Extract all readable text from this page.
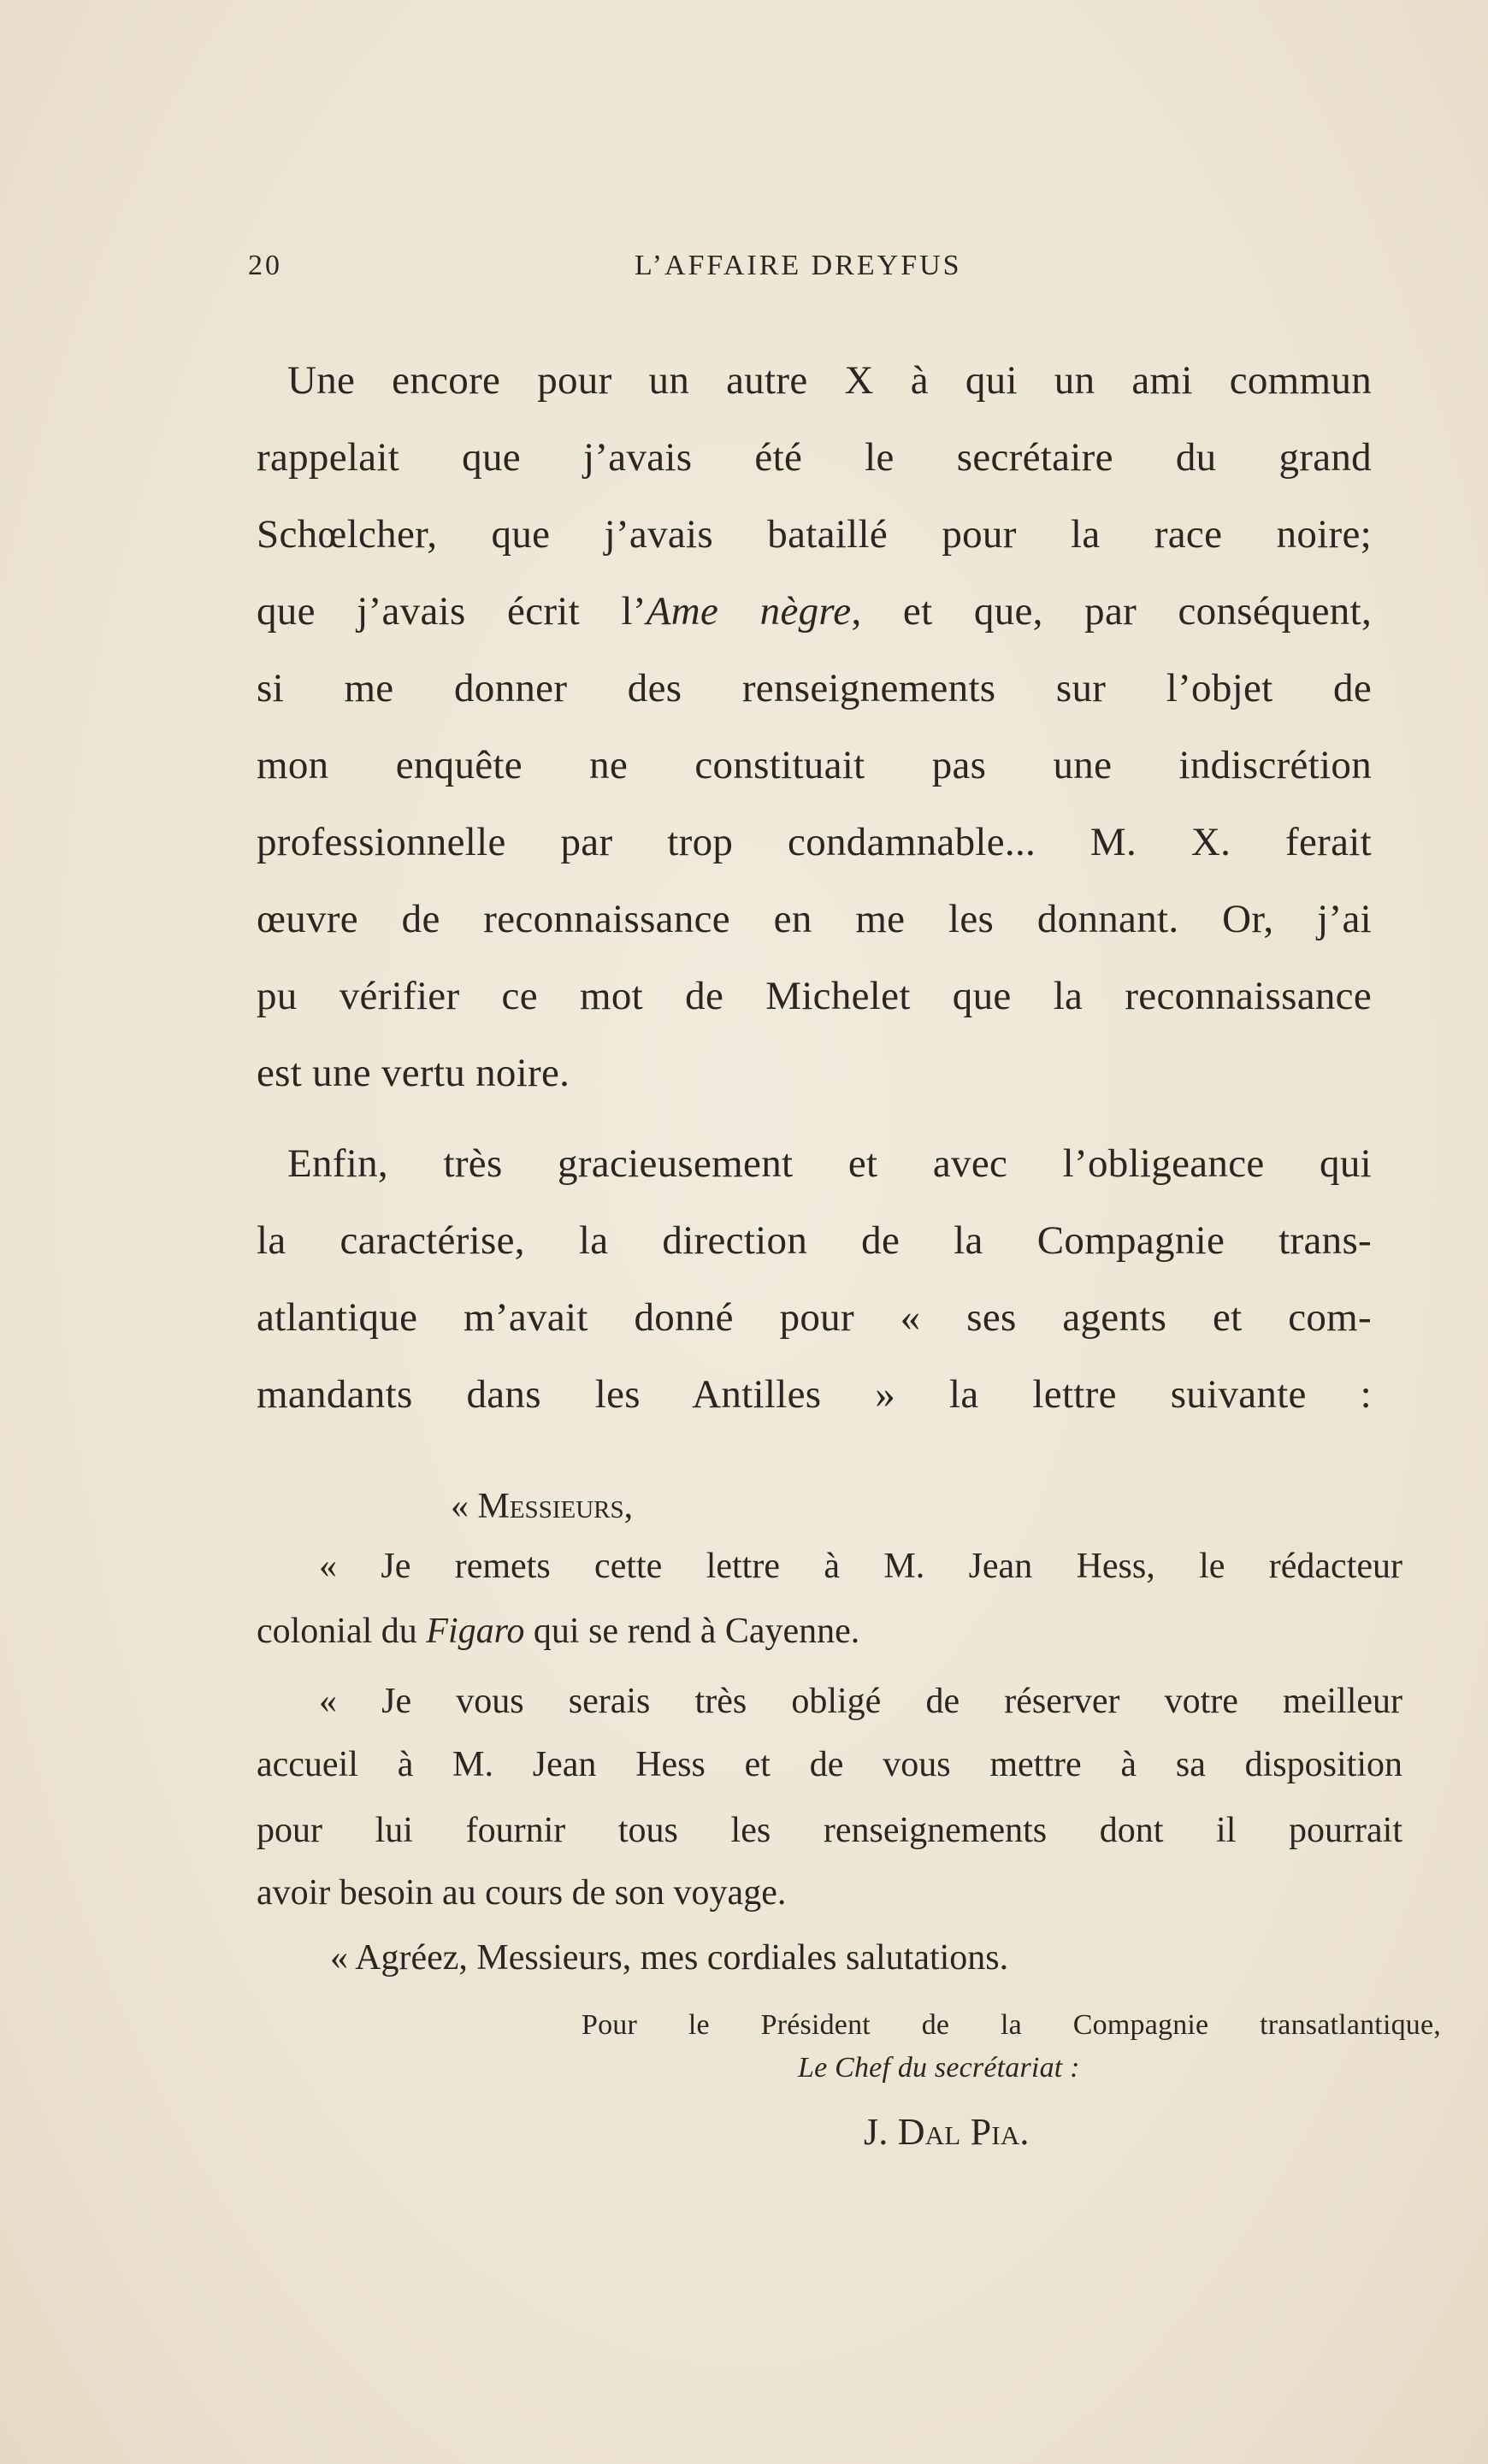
20	L’AFFAIRE DREYFUS
Une encore pour un autre X à qui un ami commun
rappelait que j’avais été le secrétaire du grand
Schœlcher, que j’avais bataillé pour la race noire;
que j’avais écrit l’Ame nègre, et que, par conséquent,
si me donner des renseignements sur l’objet de
mon enquête ne constituait pas une indiscrétion
professionnelle par trop condamnable... M. X. ferait
œuvre de reconnaissance en me les donnant. Or, j’ai
pu vérifier ce mot de Michelet que la reconnaissance
est une vertu noire.
Enfin, très gracieusement et avec l’obligeance qui
la caractérise, la direction de la Compagnie trans-
atlantique m’avait donné pour « ses agents et com-
mandants dans les Antilles » la lettre suivante :
« Messieurs,
« Je remets cette lettre à M. Jean Hess, le rédacteur
colonial du Figaro qui se rend à Cayenne.
« Je vous serais très obligé de réserver votre meilleur
accueil à M. Jean Hess et de vous mettre à sa disposition
pour lui fournir tous les renseignements dont il pourrait
avoir besoin au cours de son voyage.
« Agréez, Messieurs, mes cordiales salutations.
Pour le Président de la Compagnie transatlantique,
Le Chef du secrétariat :
J. Dal Pia.
